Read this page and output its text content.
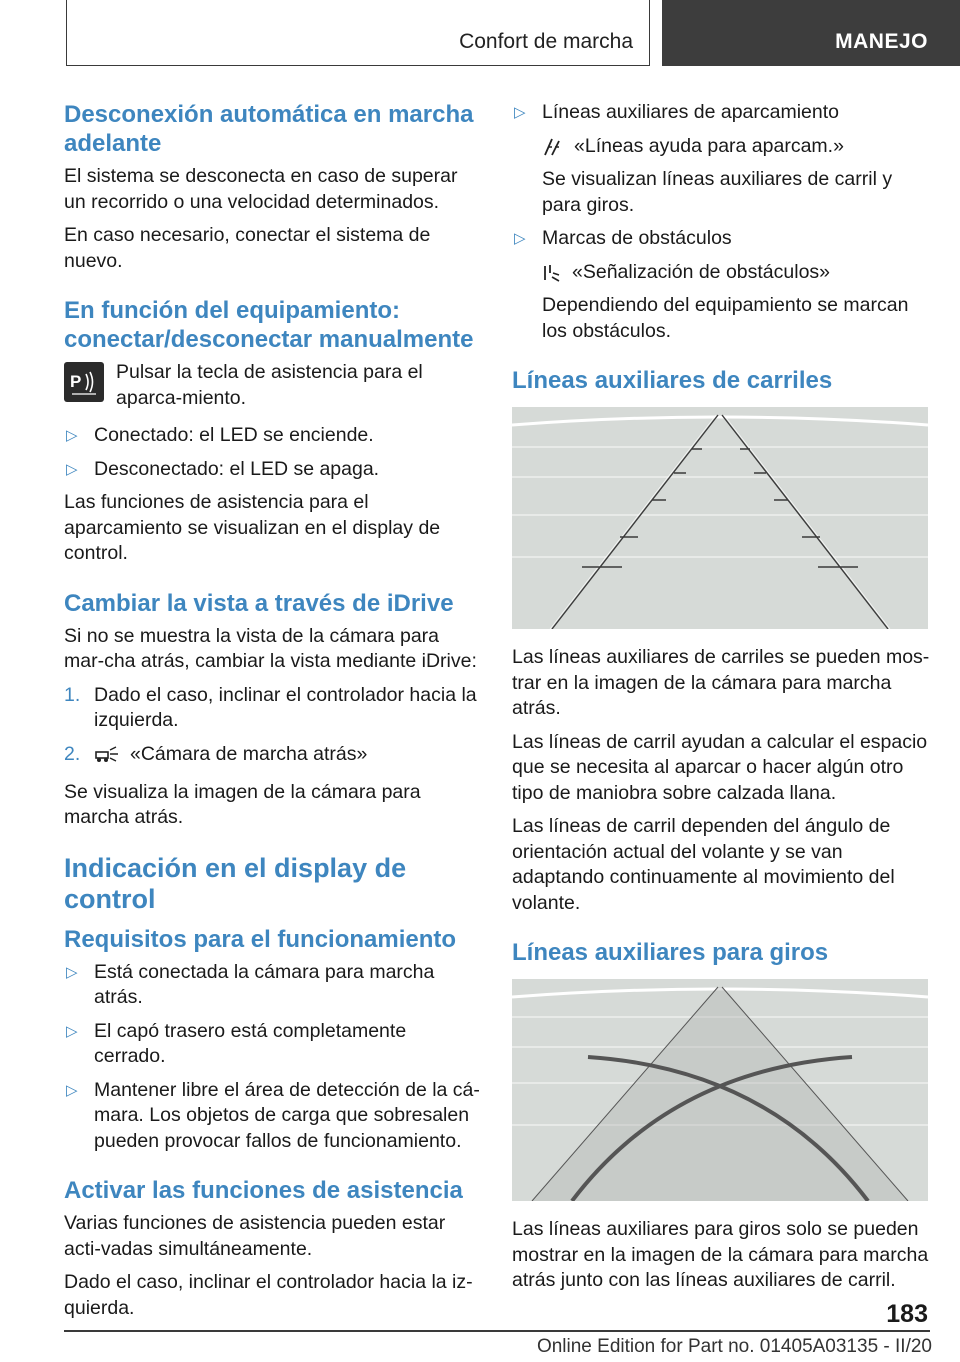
Confort de marcha	MANEJO
Desconexión automática en marcha adelante

El sistema se desconecta en caso de superar un recorrido o una velocidad determinados.

En caso necesario, conectar el sistema de nuevo.

En función del equipamiento: conectar/desconectar manualmente
P Pulsar la tecla de asistencia para el aparca‐miento.

▷ Conectado: el LED se enciende.
▷ Desconectado: el LED se apaga.

Las funciones de asistencia para el aparcamiento se visualizan en el display de control.

Cambiar la vista a través de iDrive

Si no se muestra la vista de la cámara para mar‐cha atrás, cambiar la vista mediante iDrive:

1. Dado el caso, inclinar el controlador hacia la izquierda.
2.	«Cámara de marcha atrás»

Se visualiza la imagen de la cámara para marcha atrás.

Indicación en el display de control
Requisitos para el funcionamiento
▷ Está conectada la cámara para marcha atrás.
▷ El capó trasero está completamente cerrado.
▷ Mantener libre el área de detección de la cá‐mara. Los objetos de carga que sobresalen pueden provocar fallos de funcionamiento.
Activar las funciones de asistencia

Varias funciones de asistencia pueden estar acti‐vadas simultáneamente.

Dado el caso, inclinar el controlador hacia la iz‐quierda.

▷ Líneas auxiliares de aparcamiento
«Líneas ayuda para aparcam.»

Se visualizan líneas auxiliares de carril y para giros.

▷ Marcas de obstáculos
«Señalización de obstáculos»

Dependiendo del equipamiento se marcan los obstáculos.

Líneas auxiliares de carriles

Las líneas auxiliares de carriles se pueden mos‐trar en la imagen de la cámara para marcha atrás.

Las líneas de carril ayudan a calcular el espacio que se necesita al aparcar o hacer algún otro tipo de maniobra sobre calzada llana.

Las líneas de carril dependen del ángulo de orientación actual del volante y se van adaptando continuamente al movimiento del volante.

Líneas auxiliares para giros

Las líneas auxiliares para giros solo se pueden mostrar en la imagen de la cámara para marcha atrás junto con las líneas auxiliares de carril.

183
Online Edition for Part no. 01405A03135 - II/20
